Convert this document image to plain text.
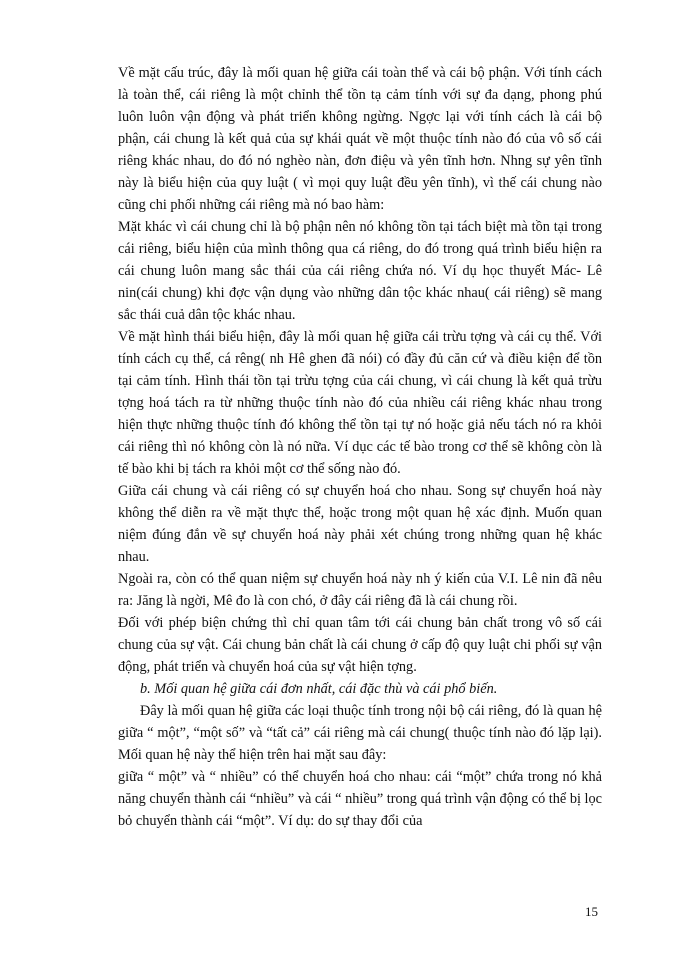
Về mặt cấu trúc, đây là mối quan hệ giữa cái toàn thể và cái bộ phận. Với tính cách là toàn thể, cái riêng là một chỉnh thể tồn tạ cảm tính với sự đa dạng, phong phú luôn luôn vận động và phát triển không ngừng. Ngợc lại với tính cách là cái bộ phận, cái chung là kết quả của sự khái quát về một thuộc tính nào đó của vô số cái riêng khác nhau, do đó nó nghèo nàn, đơn điệu và yên tĩnh hơn. Nhng sự yên tĩnh này là biểu hiện của quy luật ( vì mọi quy luật đều yên tĩnh), vì thế cái chung nào cũng chi phối những cái riêng mà nó bao hàm:

Mặt khác vì cái chung chỉ là bộ phận nên nó không tồn tại tách biệt mà tồn tại trong cái riêng, biểu hiện của mình thông qua cá riêng, do đó trong quá trình biểu hiện ra cái chung luôn mang sắc thái của cái riêng chứa nó. Ví dụ học thuyết Mác- Lê nin(cái chung) khi đợc vận dụng vào những dân tộc khác nhau( cái riêng) sẽ mang sắc thái cuả dân tộc khác nhau.

Về mặt hình thái biểu hiện, đây là mối quan hệ giữa cái trừu tợng và cái cụ thể. Với tính cách cụ thể, cá rêng( nh Hê ghen đã nói) có đầy đủ căn cứ và điều kiện để tồn tại cảm tính. Hình thái tồn tại trừu tợng của cái chung, vì cái chung là kết quả trừu tợng hoá tách ra từ những thuộc tính nào đó của nhiều cái riêng khác nhau trong hiện thực những thuộc tính đó không thể tồn tại tự nó hoặc giả nếu tách nó ra khỏi cái riêng thì nó không còn là nó nữa. Ví dục các tế bào trong cơ thể sẽ không còn là tế bào khi bị tách ra khỏi một cơ thể sống nào đó.

Giữa cái chung và cái riêng có sự chuyển hoá cho nhau. Song sự chuyển hoá này không thể diễn ra về mặt thực thể, hoặc trong một quan hệ xác định. Muốn quan niệm đúng đắn về sự chuyển hoá này phải xét chúng trong những quan hệ khác nhau.

Ngoài ra, còn có thể quan niệm sự chuyển hoá này nh ý kiến của V.I. Lê nin đã nêu ra: Jăng là ngời, Mê đo là con chó, ở đây cái riêng đã là cái chung rồi.

Đối với phép biện chứng thì chỉ quan tâm tới cái chung bản chất trong vô số cái chung của sự vật. Cái chung bản chất là cái chung ở cấp độ quy luật chi phối sự vận động, phát triển và chuyển hoá của sự vật hiện tợng.

b. Mối quan hệ giữa cái đơn nhất, cái đặc thù và cái phổ biến.

Đây là mối quan hệ giữa các loại thuộc tính trong nội bộ cái riêng, đó là quan hệ giữa “ một”, “một số” và “tất cả” cái riêng mà cái chung( thuộc tính nào đó lặp lại). Mối quan hệ này thể hiện trên hai mặt sau đây:

giữa “ một” và “ nhiều” có thể chuyển hoá cho nhau: cái “một” chứa trong nó khả năng chuyển thành cái “nhiều” và cái “ nhiều” trong quá trình vận động có thể bị lọc bỏ chuyển thành cái “một”. Ví dụ: do sự thay đổi của

15
